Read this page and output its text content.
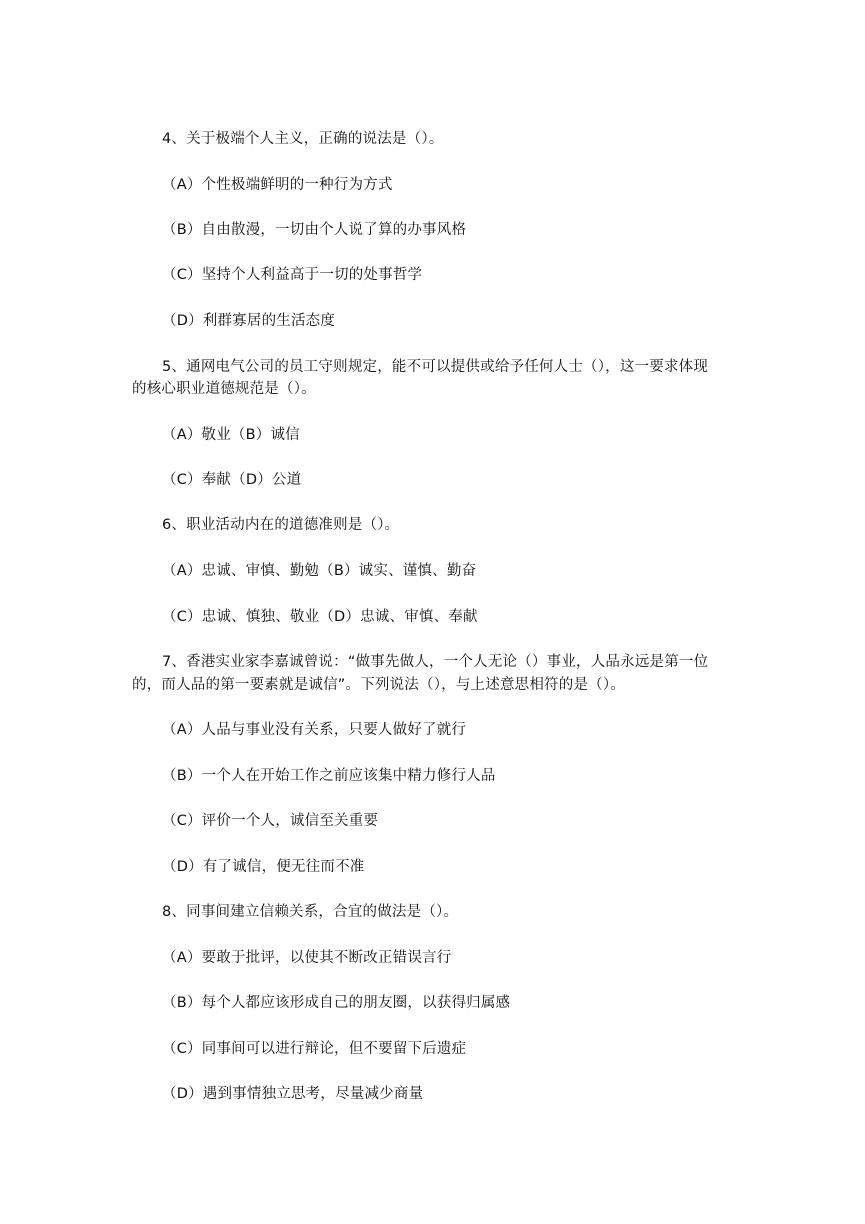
4、关于极端个人主义，正确的说法是（）。
（A）个性极端鲜明的一种行为方式
（B）自由散漫，一切由个人说了算的办事风格
（C）坚持个人利益高于一切的处事哲学
（D）利群寡居的生活态度
5、通网电气公司的员工守则规定，能不可以提供或给予任何人士（），这一要求体现
的核心职业道德规范是（）。
（A）敬业（B）诚信
（C）奉献（D）公道
6、职业活动内在的道德准则是（）。
（A）忠诚、审慎、勤勉（B）诚实、谨慎、勤奋
（C）忠诚、慎独、敬业（D）忠诚、审慎、奉献
7、香港实业家李嘉诚曾说：“做事先做人，一个人无论（）事业，人品永远是第一位
的，而人品的第一要素就是诚信”。下列说法（），与上述意思相符的是（）。
（A）人品与事业没有关系，只要人做好了就行
（B）一个人在开始工作之前应该集中精力修行人品
（C）评价一个人，诚信至关重要
（D）有了诚信，便无往而不准
8、同事间建立信赖关系，合宜的做法是（）。
（A）要敢于批评，以使其不断改正错误言行
（B）每个人都应该形成自己的朋友圈，以获得归属感
（C）同事间可以进行辩论，但不要留下后遗症
（D）遇到事情独立思考，尽量减少商量
